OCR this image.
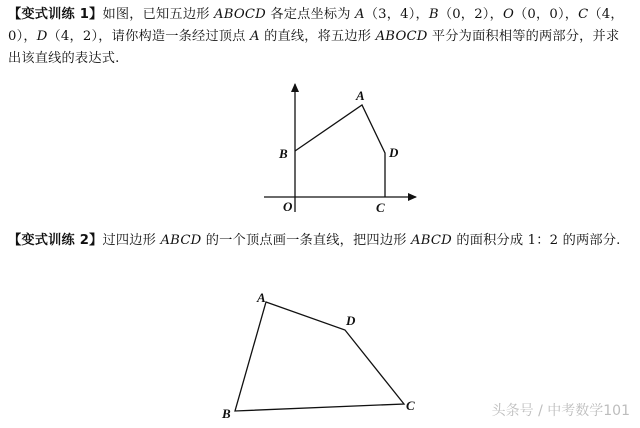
【变式训练 1】如图，已知五边形 ABOCD 各定点坐标为 A（3，4），B（0，2），O（0，0），C（4，0），D（4，2），请你构造一条经过顶点 A 的直线，将五边形 ABOCD 平分为面积相等的两部分，并求出该直线的表达式.
【变式训练 2】过四边形 ABCD 的一个顶点画一条直线，把四边形 ABCD 的面积分成 1：2 的两部分.
A
B	D
O	C
A
D
B
C	头条号 / 中考数学101
